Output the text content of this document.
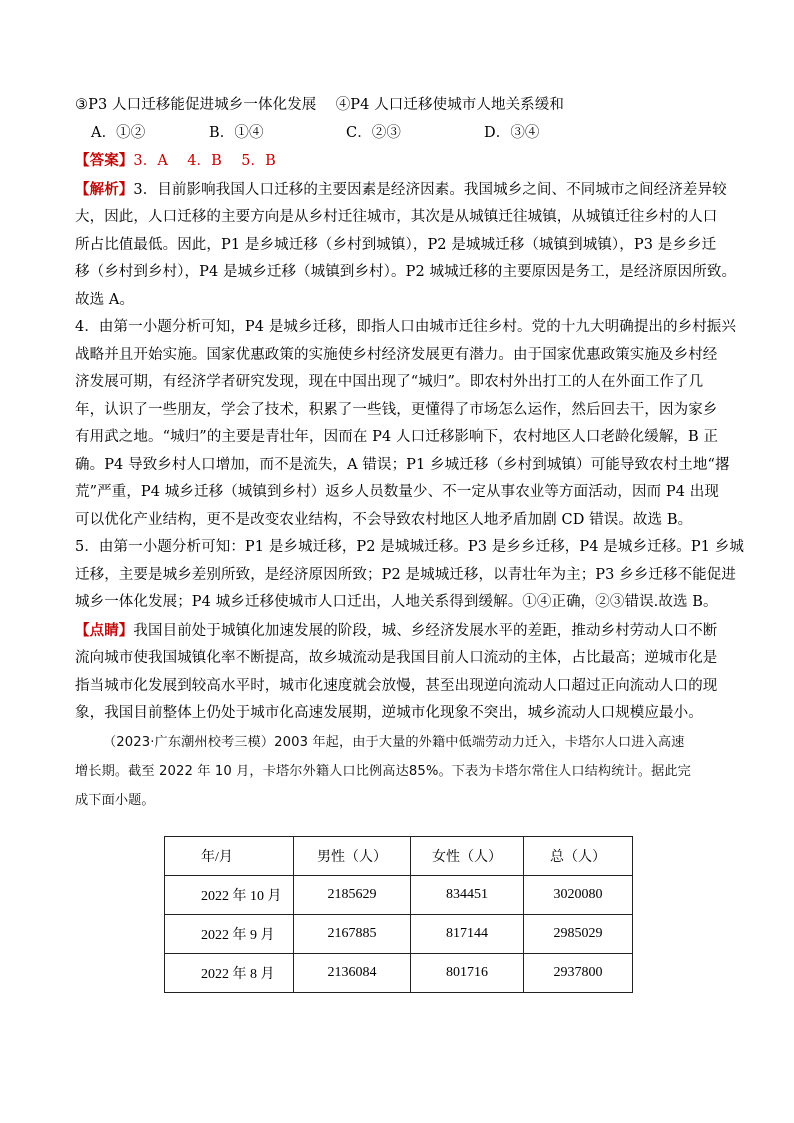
③P3 人口迁移能促进城乡一体化发展　 ④P4 人口迁移使城市人地关系缓和
A．①②	B．①④	C．②③	D．③④
【答案】3．A　 4．B　 5．B
【解析】3．目前影响我国人口迁移的主要因素是经济因素。我国城乡之间、不同城市之间经济差异较
大，因此，人口迁移的主要方向是从乡村迁往城市，其次是从城镇迁往城镇，从城镇迁往乡村的人口
所占比值最低。因此，P1 是乡城迁移（乡村到城镇），P2 是城城迁移（城镇到城镇），P3 是乡乡迁
移（乡村到乡村），P4 是城乡迁移（城镇到乡村）。P2 城城迁移的主要原因是务工，是经济原因所致。
故选 A。
4．由第一小题分析可知，P4 是城乡迁移，即指人口由城市迁往乡村。党的十九大明确提出的乡村振兴
战略并且开始实施。国家优惠政策的实施使乡村经济发展更有潜力。由于国家优惠政策实施及乡村经
济发展可期，有经济学者研究发现，现在中国出现了“城归”。即农村外出打工的人在外面工作了几
年，认识了一些朋友，学会了技术，积累了一些钱，更懂得了市场怎么运作，然后回去干，因为家乡
有用武之地。“城归”的主要是青壮年，因而在 P4 人口迁移影响下，农村地区人口老龄化缓解，B 正
确。P4 导致乡村人口增加，而不是流失，A 错误；P1 乡城迁移（乡村到城镇）可能导致农村土地“撂
荒”严重，P4 城乡迁移（城镇到乡村）返乡人员数量少、不一定从事农业等方面活动，因而 P4 出现
可以优化产业结构，更不是改变农业结构，不会导致农村地区人地矛盾加剧 CD 错误。故选 B。
5．由第一小题分析可知：P1 是乡城迁移，P2 是城城迁移。P3 是乡乡迁移，P4 是城乡迁移。P1 乡城
迁移，主要是城乡差别所致，是经济原因所致；P2 是城城迁移，以青壮年为主；P3 乡乡迁移不能促进
城乡一体化发展；P4 城乡迁移使城市人口迁出，人地关系得到缓解。①④正确，②③错误.故选 B。
【点睛】我国目前处于城镇化加速发展的阶段，城、乡经济发展水平的差距，推动乡村劳动人口不断
流向城市使我国城镇化率不断提高，故乡城流动是我国目前人口流动的主体，占比最高；逆城市化是
指当城市化发展到较高水平时，城市化速度就会放慢，甚至出现逆向流动人口超过正向流动人口的现
象，我国目前整体上仍处于城市化高速发展期，逆城市化现象不突出，城乡流动人口规模应最小。
（2023·广东潮州校考三模）2003 年起，由于大量的外籍中低端劳动力迁入，卡塔尔人口进入高速
增长期。截至 2022 年 10 月，卡塔尔外籍人口比例高达85%。下表为卡塔尔常住人口结构统计。据此完
成下面小题。
年/月	男性（人）	女性（人）	总（人）
2022 年 10 月	2185629	834451	3020080
2022 年 9 月	2167885	817144	2985029
2022 年 8 月	2136084	801716	2937800
